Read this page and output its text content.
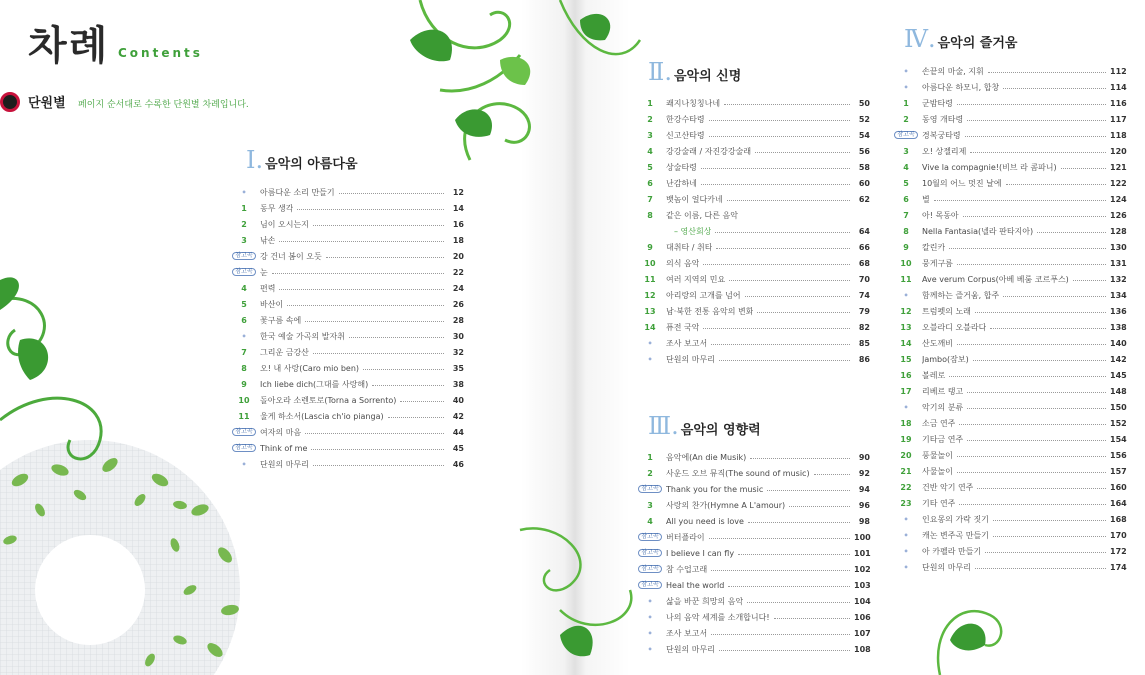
차례 Contents
단원별 페이지 순서대로 수록한 단원별 차례입니다.
Ⅰ. 음악의 아름다움
•	아름다운 소리 만들기	12
1	동무 생각	14
2	님이 오시는지	16
3	낚손	18
참고곡 강 건너 봄이 오듯	20
참고곡 눈	22
4	편력	24
5	바산이	26
6	꽃구름 속에	28
•	한국 예술 가곡의 발자취	30
7	그리운 금강산	32
8	오! 내 사랑(Caro mio ben)	35
9	Ich liebe dich(그대를 사랑해)	38
10	돌아오라 소렌토로(Torna a Sorrento)	40
11	울게 하소서(Lascia ch'io pianga)	42
참고곡 여자의 마음	44
참고곡 Think of me	45
•	단원의 마무리	46
Ⅱ. 음악의 신명
1	쾌지나칭칭나네	50
2	한강수타령	52
3	신고산타령	54
4	강강술래 / 자진강강술래	56
5	상술타령	58
6	난감하네	60
7	뱃놈이 얼다카네	62
8	같은 이름, 다른 음악
– 영산회상	64
9	대취타 / 취타	66
10	의식 음악	68
11	여러 지역의 민요	70
12	아리랑의 고개를 넘어	74
13	남·북한 전통 음악의 변화	79
14	퓨전 국악	82
•	조사 보고서	85
•	단원의 마무리	86
Ⅲ. 음악의 영향력
1	음악에(An die Musik)	90
2	사운드 오브 뮤직(The sound of music)	92
참고곡 Thank you for the music	94
3	사랑의 찬가(Hymne A L'amour)	96
4	All you need is love	98
참고곡 버터플라이	100
참고곡 I believe I can fly	101
참고곡 참 수업고래	102
참고곡 Heal the world	103
•	삶을 바꾼 희망의 음악	104
•	나의 음악 세계를 소개합니다!	106
•	조사 보고서	107
•	단원의 마무리	108
Ⅳ. 음악의 즐거움
•	손끝의 마술, 지휘	112
•	아름다운 하모니, 합창	114
1	군밤타령	116
2	동영 개타령	117
참고곡 경복궁타령	118
3	오! 상젤리제	120
4	Vive la compagnie!(비브 라 콤파니)	121
5	10월의 어느 멋진 날에	122
6	별	124
7	아! 목동아	126
8	Nella Fantasia(넬라 판타지아)	128
9	칼린카	130
10	뭉게구름	131
11	Ave verum Corpus(아베 베룸 코르푸스)	132
•	함께하는 즐거움, 합주	134
12	트럼펫의 노래	136
13	오블라디 오블라다	138
14	산도깨비	140
15	Jambo(잠보)	142
16	볼레로	145
17	리베르 탱고	148
•	악기의 분류	150
18	소금 연주	152
19	기타금 연주	154
20	풍물놀이	156
21	사물놀이	157
22	건반 악기 연주	160
23	기타 연주	164
•	인요몽의 가락 짓기	168
•	캐논 변주곡 만들기	170
•	아 카펠라 만들기	172
•	단원의 마무리	174
